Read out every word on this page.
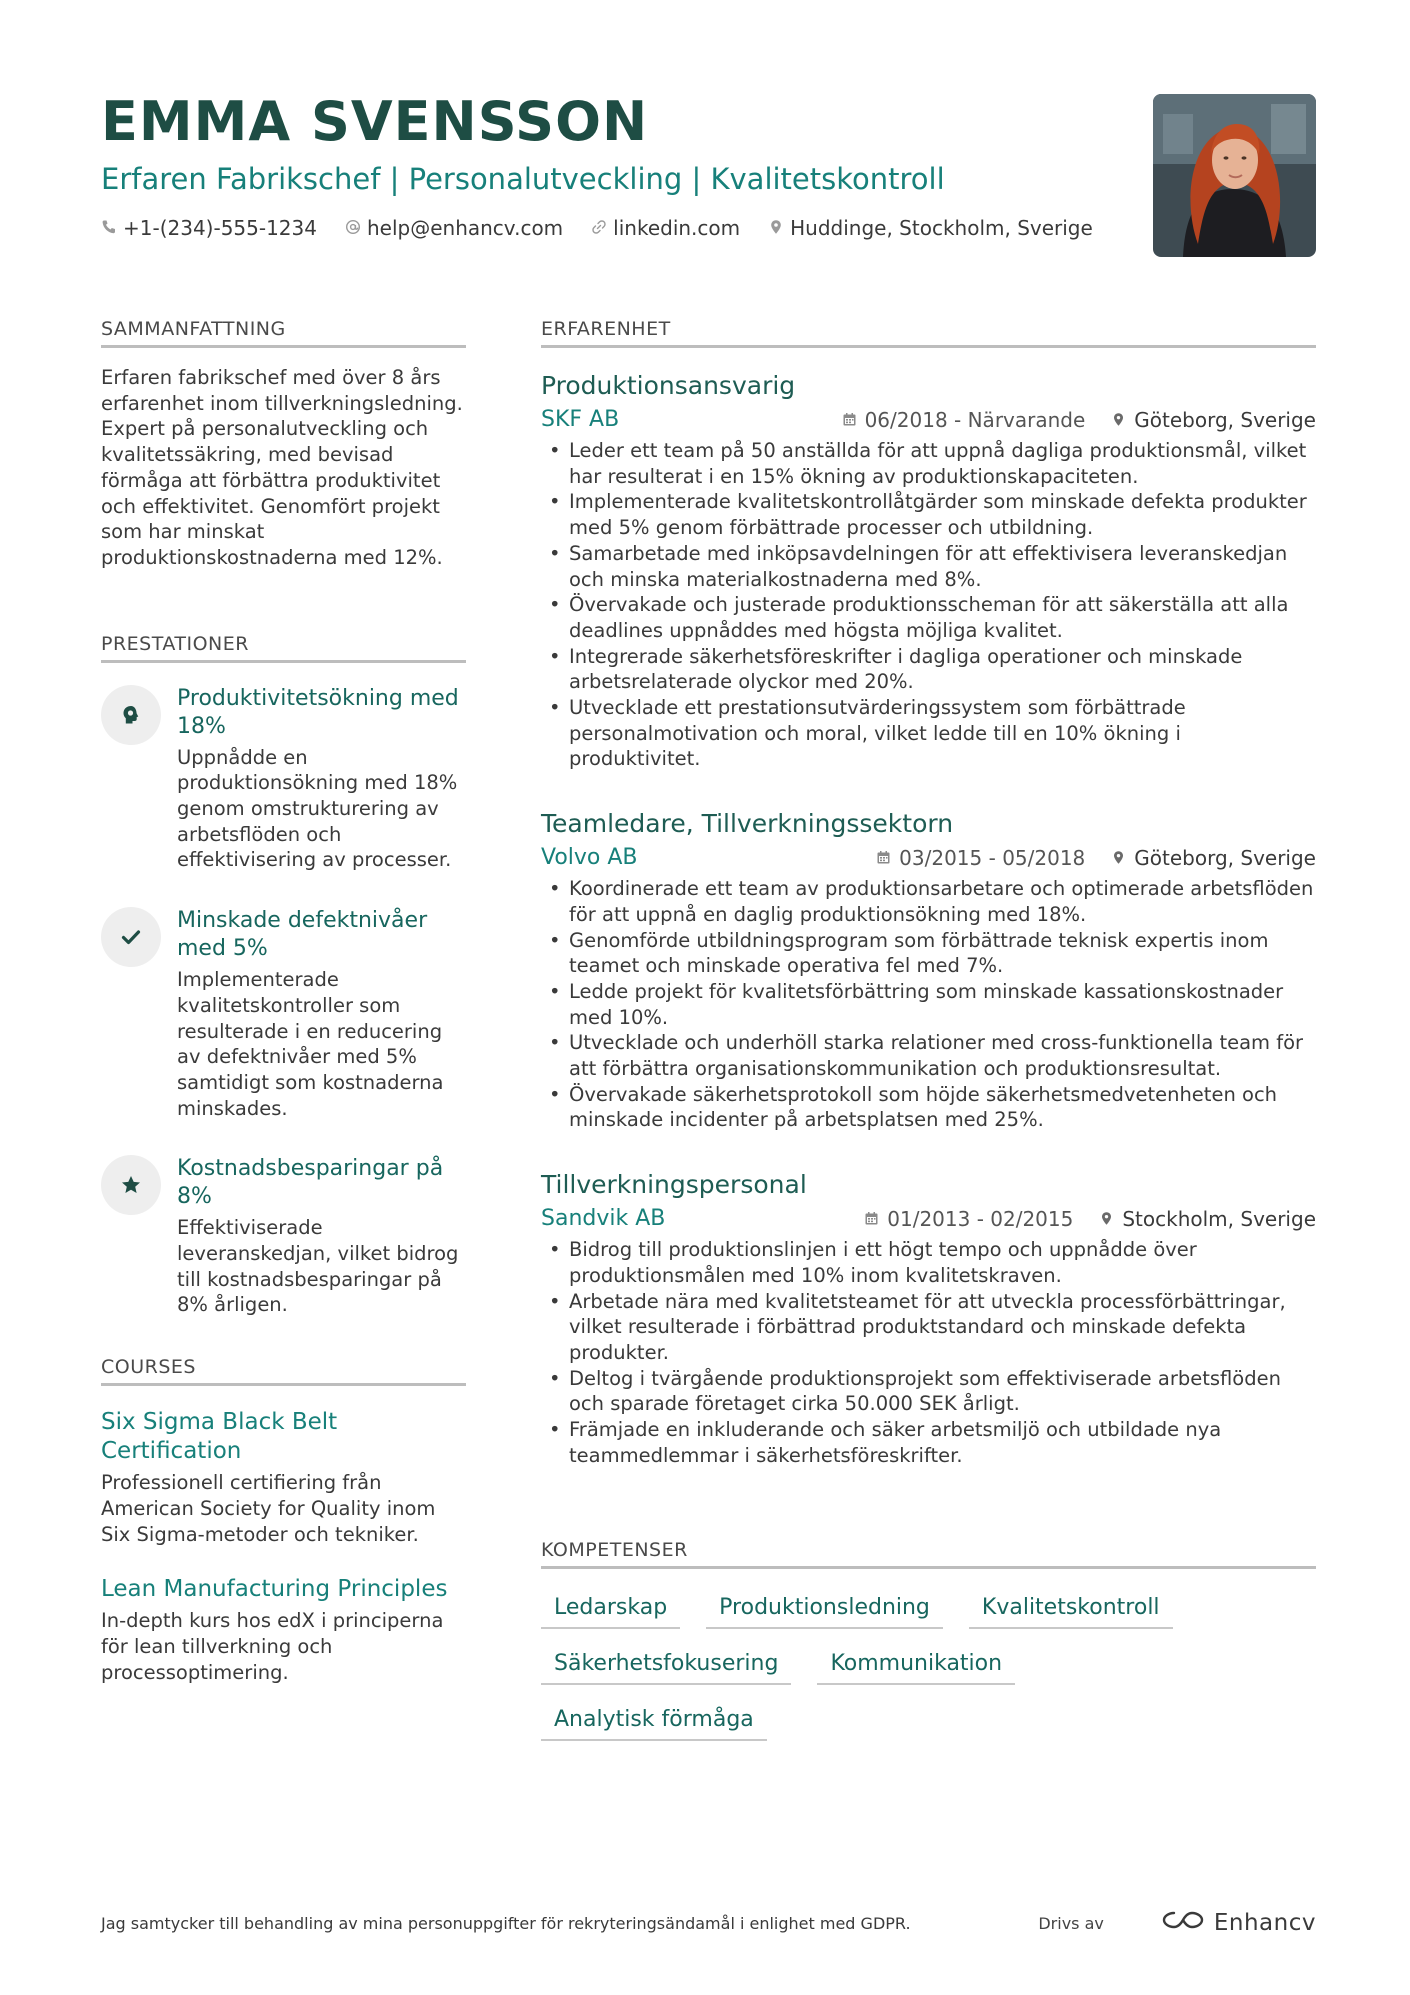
EMMA SVENSSON
Erfaren Fabrikschef | Personalutveckling | Kvalitetskontroll
+1-(234)-555-1234	help@enhancv.com	linkedin.com	Huddinge, Stockholm, Sverige
SAMMANFATTNING
Erfaren fabrikschef med över 8 års erfarenhet inom tillverkningsledning. Expert på personalutveckling och kvalitetssäkring, med bevisad förmåga att förbättra produktivitet och effektivitet. Genomfört projekt som har minskat produktionskostnaderna med 12%.
PRESTATIONER
Produktivitetsökning med 18%
Uppnådde en produktionsökning med 18% genom omstrukturering av arbetsflöden och effektivisering av processer.
Minskade defektnivåer med 5%
Implementerade kvalitetskontroller som resulterade i en reducering av defektnivåer med 5% samtidigt som kostnaderna minskades.
Kostnadsbesparingar på 8%
Effektiviserade leveranskedjan, vilket bidrog till kostnadsbesparingar på 8% årligen.
COURSES
Six Sigma Black Belt Certification
Professionell certifiering från American Society for Quality inom Six Sigma-metoder och tekniker.
Lean Manufacturing Principles
In-depth kurs hos edX i principerna för lean tillverkning och processoptimering.
ERFARENHET
Produktionsansvarig
SKF AB	06/2018 - Närvarande Göteborg, Sverige
• Leder ett team på 50 anställda för att uppnå dagliga produktionsmål, vilket har resulterat i en 15% ökning av produktionskapaciteten.
• Implementerade kvalitetskontrollåtgärder som minskade defekta produkter med 5% genom förbättrade processer och utbildning.
• Samarbetade med inköpsavdelningen för att effektivisera leveranskedjan och minska materialkostnaderna med 8%.
• Övervakade och justerade produktionsscheman för att säkerställa att alla deadlines uppnåddes med högsta möjliga kvalitet.
• Integrerade säkerhetsföreskrifter i dagliga operationer och minskade arbetsrelaterade olyckor med 20%.
• Utvecklade ett prestationsutvärderingssystem som förbättrade personalmotivation och moral, vilket ledde till en 10% ökning i produktivitet.
Teamledare, Tillverkningssektorn
Volvo AB	03/2015 - 05/2018 Göteborg, Sverige
• Koordinerade ett team av produktionsarbetare och optimerade arbetsflöden för att uppnå en daglig produktionsökning med 18%.
• Genomförde utbildningsprogram som förbättrade teknisk expertis inom teamet och minskade operativa fel med 7%.
• Ledde projekt för kvalitetsförbättring som minskade kassationskostnader med 10%.
• Utvecklade och underhöll starka relationer med cross-funktionella team för att förbättra organisationskommunikation och produktionsresultat.
• Övervakade säkerhetsprotokoll som höjde säkerhetsmedvetenheten och minskade incidenter på arbetsplatsen med 25%.
Tillverkningspersonal
Sandvik AB	01/2013 - 02/2015 Stockholm, Sverige
• Bidrog till produktionslinjen i ett högt tempo och uppnådde över produktionsmålen med 10% inom kvalitetskraven.
• Arbetade nära med kvalitetsteamet för att utveckla processförbättringar, vilket resulterade i förbättrad produktstandard och minskade defekta produkter.
• Deltog i tvärgående produktionsprojekt som effektiviserade arbetsflöden och sparade företaget cirka 50.000 SEK årligt.
• Främjade en inkluderande och säker arbetsmiljö och utbildade nya teammedlemmar i säkerhetsföreskrifter.
KOMPETENSER
Ledarskap	Produktionsledning	Kvalitetskontroll
Säkerhetsfokusering	Kommunikation
Analytisk förmåga
Jag samtycker till behandling av mina personuppgifter för rekryteringsändamål i enlighet med GDPR.	Drivs av	Enhancv
